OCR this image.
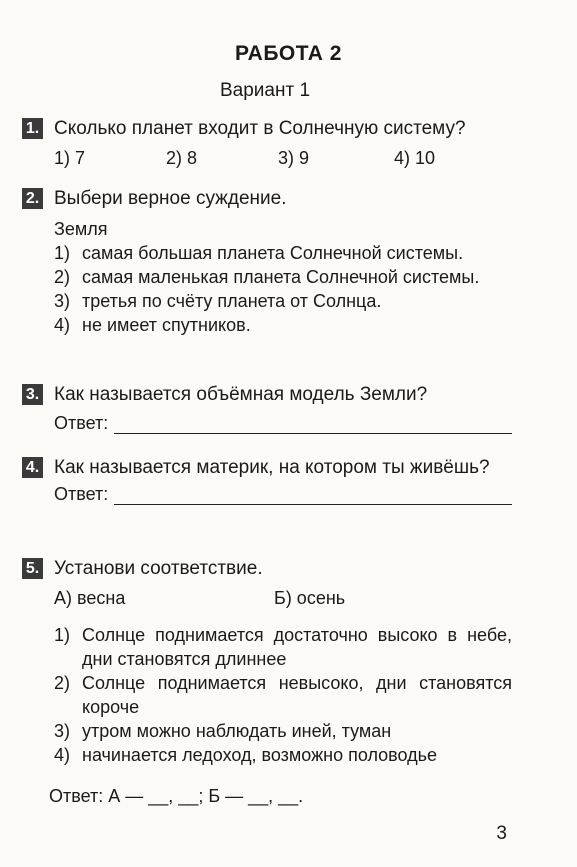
РАБОТА 2
Вариант 1
1. Сколько планет входит в Солнечную систему?
1) 7	2) 8	3) 9	4) 10
2. Выбери верное суждение.
Земля
1) самая большая планета Солнечной системы.
2) самая маленькая планета Солнечной системы.
3) третья по счёту планета от Солнца.
4) не имеет спутников.
3. Как называется объёмная модель Земли?
Ответ:
4. Как называется материк, на котором ты живёшь?
Ответ:
5. Установи соответствие.
А) весна	Б) осень
1) Солнце поднимается достаточно высоко в небе, дни становятся длиннее
2) Солнце поднимается невысоко, дни становятся короче
3) утром можно наблюдать иней, туман
4) начинается ледоход, возможно половодье
Ответ: А — __, __; Б — __, __.
3
